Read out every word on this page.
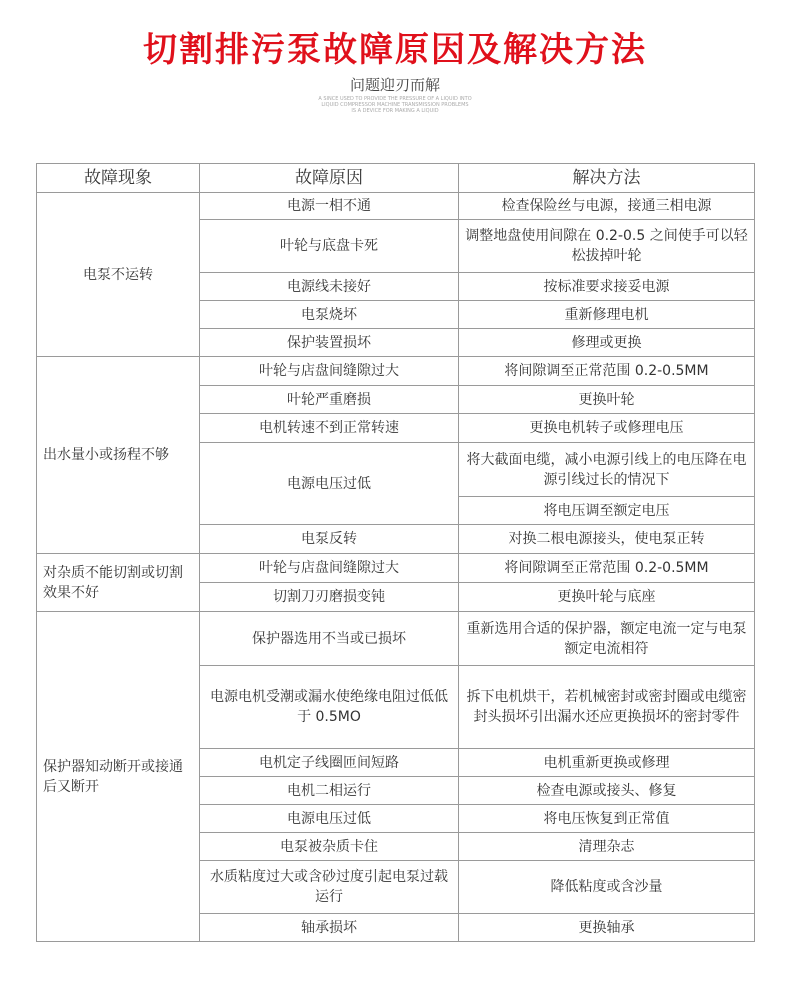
切割排污泵故障原因及解决方法
问题迎刃而解
A SINCE USED TO PROVIDE THE PRESSURE OF A LIQUID INTO
LIQUID COMPRESSOR MACHINE TRANSMISSION PROBLEMS
IS A DEVICE FOR MAKING A LIQUID
故障现象	故障原因	解决方法
电泵不运转	电源一相不通	检查保险丝与电源，接通三相电源
	叶轮与底盘卡死	调整地盘使用间隙在 0.2-0.5 之间使手可以轻松拔掉叶轮
	电源线未接好	按标准要求接妥电源
	电泵烧坏	重新修理电机
	保护装置损坏	修理或更换
出水量小或扬程不够	叶轮与店盘间缝隙过大	将间隙调至正常范围 0.2-0.5MM
	叶轮严重磨损	更换叶轮
	电机转速不到正常转速	更换电机转子或修理电压
	电源电压过低	将大截面电缆，减小电源引线上的电压降在电源引线过长的情况下
		将电压调至额定电压
	电泵反转	对换二根电源接头，使电泵正转
对杂质不能切割或切割效果不好	叶轮与店盘间缝隙过大	将间隙调至正常范围 0.2-0.5MM
	切割刀刃磨损变钝	更换叶轮与底座
保护器知动断开或接通后又断开	保护器选用不当或已损坏	重新选用合适的保护器，额定电流一定与电泵额定电流相符
	电源电机受潮或漏水使绝缘电阻过低低于 0.5MO	拆下电机烘干，若机械密封或密封圈或电缆密封头损坏引出漏水还应更换损坏的密封零件
	电机定子线圈匝间短路	电机重新更换或修理
	电机二相运行	检查电源或接头、修复
	电源电压过低	将电压恢复到正常值
	电泵被杂质卡住	清理杂志
	水质粘度过大或含砂过度引起电泵过载运行	降低粘度或含沙量
	轴承损坏	更换轴承
